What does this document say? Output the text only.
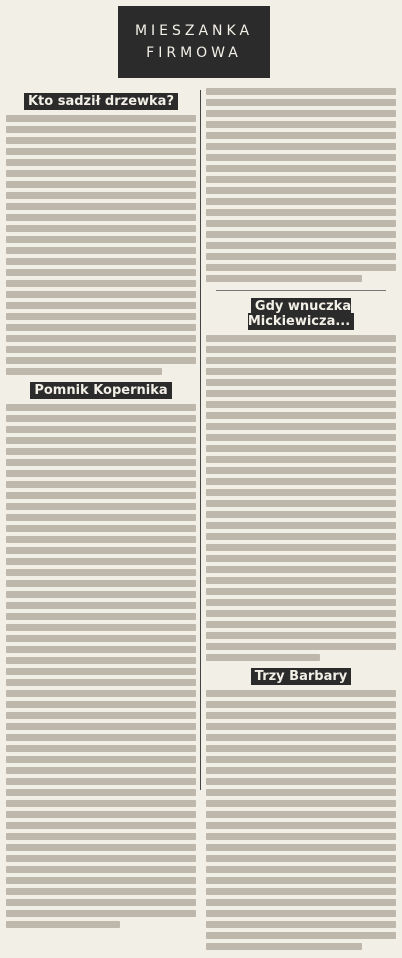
MIESZANKA
FIRMOWA
Kto sadził drzewka?
Pomnik Kopernika
Gdy wnuczka Mickiewicza...
Trzy Barbary
